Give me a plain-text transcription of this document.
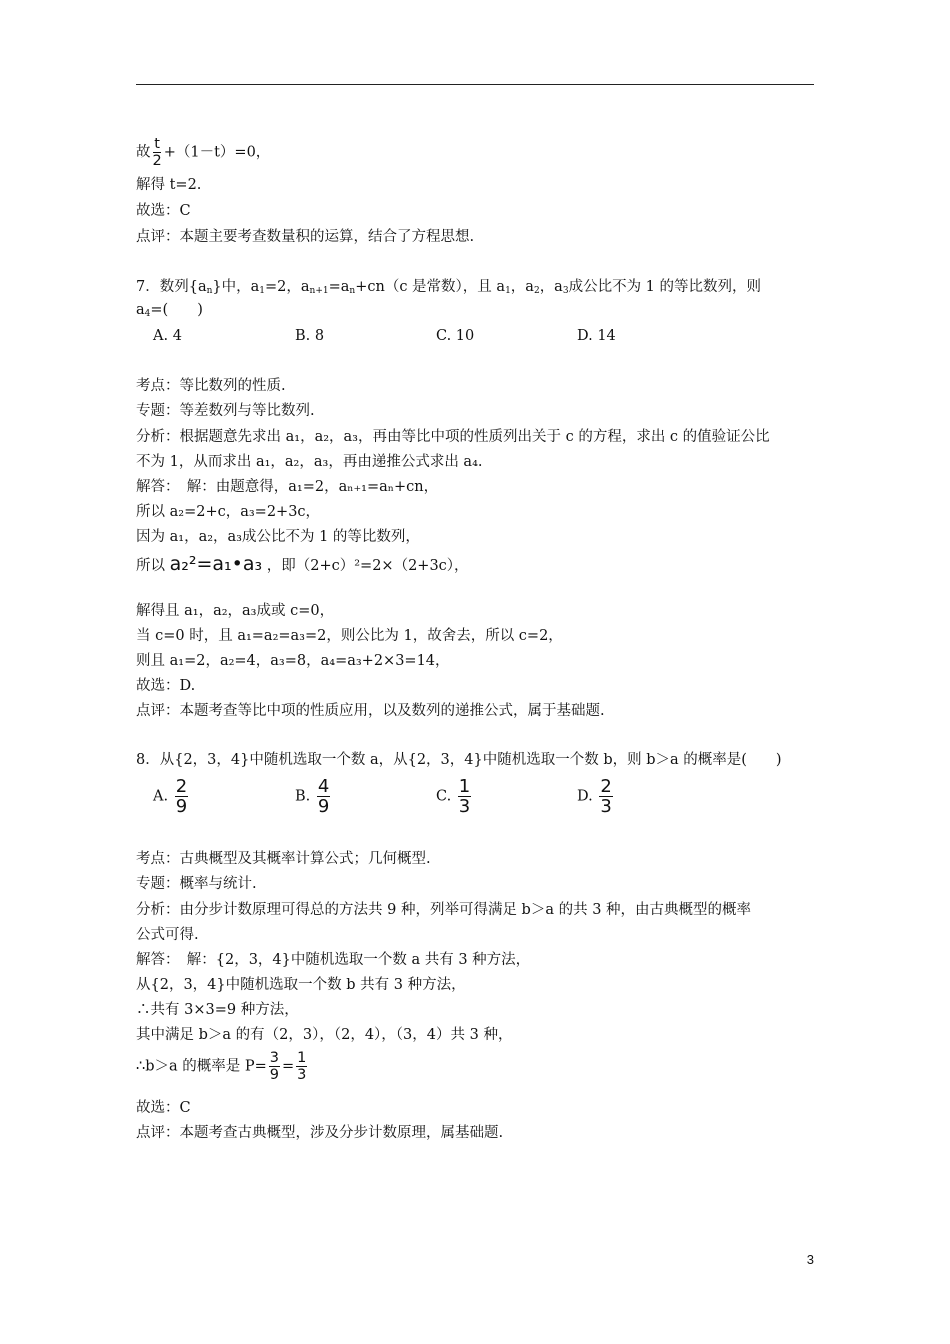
故 $\frac{t}{2} +(1-t)=0$，
解得 t=2.
故选：C
点评：本题主要考查数量积的运算，结合了方程思想.
7．数列$\{a_n\}$中，$a_1=2$，$a_{n+1}=a_n+cn(c$ 是常数），且 $a_1$，$a_2$，$a_3$成公比不为 1 的等比数列，则
$a_4=$(　　)
A. 4	B. 8	C. 10	D. 14
考点：等比数列的性质.
专题：等差数列与等比数列.
分析：根据题意先求出 a₁，a₂，a₃，再由等比中项的性质列出关于 c 的方程，求出 c 的值验证公比
不为 1，从而求出 a₁，a₂，a₃，再由递推公式求出 a₄.
解答：　解：由题意得，a₁=2，aₙ₊₁=aₙ+cn，
所以 a₂=2+c，a₃=2+3c，
因为 a₁，a₂，a₃成公比不为 1 的等比数列，
所以 a₂²=a₁•a₃ ，即（2+c）²=2×（2+3c），
解得且 a₁，a₂，a₃成或 c=0，
当 c=0 时，且 a₁=a₂=a₃=2，则公比为 1，故舍去，所以 c=2，
则且 a₁=2，a₂=4，a₃=8，a₄=a₃+2×3=14，
故选：D.
点评：本题考查等比中项的性质应用，以及数列的递推公式，属于基础题.
8．从{2，3，4}中随机选取一个数 a，从{2，3，4}中随机选取一个数 b，则 b＞a 的概率是(　　)
A. $\frac{2}{9}$	B. $\frac{4}{9}$	C. $\frac{1}{3}$	D. $\frac{2}{3}$
考点：古典概型及其概率计算公式；几何概型.
专题：概率与统计.
分析：由分步计数原理可得总的方法共 9 种，列举可得满足 b＞a 的共 3 种，由古典概型的概率
公式可得.
解答：　解：{2，3，4}中随机选取一个数 a 共有 3 种方法，
从{2，3，4}中随机选取一个数 b 共有 3 种方法，
∴共有 3×3=9 种方法，
其中满足 b＞a 的有（2，3），（2，4），（3，4）共 3 种，
∴b＞a 的概率是 $P= \frac{3}{9} = \frac{1}{3}$
故选：C
点评：本题考查古典概型，涉及分步计数原理，属基础题.
3
